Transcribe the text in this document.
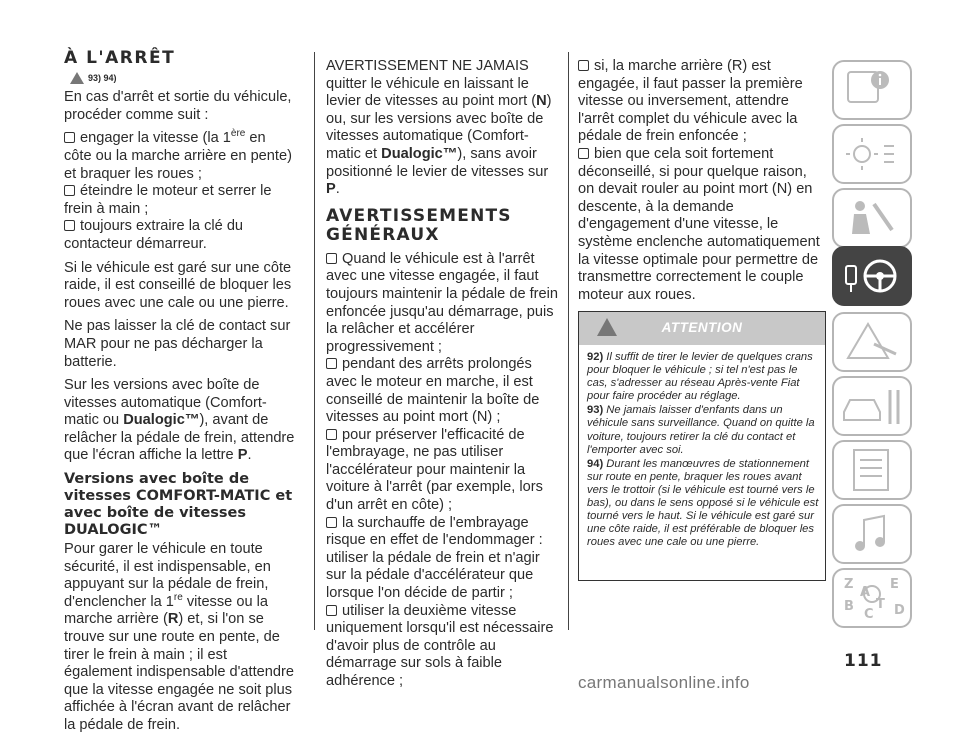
À L'ARRÊT
93) 94)

En cas d'arrêt et sortie du véhicule, procéder comme suit :

engager la vitesse (la 1ère en côte ou la marche arrière en pente) et braquer les roues ;
éteindre le moteur et serrer le frein à main ;
toujours extraire la clé du contacteur démarreur.

Si le véhicule est garé sur une côte raide, il est conseillé de bloquer les roues avec une cale ou une pierre.

Ne pas laisser la clé de contact sur MAR pour ne pas décharger la batterie.

Sur les versions avec boîte de vitesses automatique (Comfort-matic ou Dualogic™), avant de relâcher la pédale de frein, attendre que l'écran affiche la lettre P.

Versions avec boîte de vitesses COMFORT-MATIC et avec boîte de vitesses DUALOGIC™

Pour garer le véhicule en toute sécurité, il est indispensable, en appuyant sur la pédale de frein, d'enclencher la 1re vitesse ou la marche arrière (R) et, si l'on se trouve sur une route en pente, de tirer le frein à main ; il est également indispensable d'attendre que la vitesse engagée ne soit plus affichée à l'écran avant de relâcher la pédale de frein.

AVERTISSEMENT NE JAMAIS quitter le véhicule en laissant le levier de vitesses au point mort (N) ou, sur les versions avec boîte de vitesses automatique (Comfort-matic et Dualogic™), sans avoir positionné le levier de vitesses sur P.

AVERTISSEMENTS GÉNÉRAUX
Quand le véhicule est à l'arrêt avec une vitesse engagée, il faut toujours maintenir la pédale de frein enfoncée jusqu'au démarrage, puis la relâcher et accélérer progressivement ;
pendant des arrêts prolongés avec le moteur en marche, il est conseillé de maintenir la boîte de vitesses au point mort (N) ;
pour préserver l'efficacité de l'embrayage, ne pas utiliser l'accélérateur pour maintenir la voiture à l'arrêt (par exemple, lors d'un arrêt en côte) ;
la surchauffe de l'embrayage risque en effet de l'endommager : utiliser la pédale de frein et n'agir sur la pédale d'accélérateur que lorsque l'on décide de partir ;
utiliser la deuxième vitesse uniquement lorsqu'il est nécessaire d'avoir plus de contrôle au démarrage sur sols à faible adhérence ;
si, la marche arrière (R) est engagée, il faut passer la première vitesse ou inversement, attendre l'arrêt complet du véhicule avec la pédale de frein enfoncée ;
bien que cela soit fortement déconseillé, si pour quelque raison, on devait rouler au point mort (N) en descente, à la demande d'engagement d'une vitesse, le système enclenche automatiquement la vitesse optimale pour permettre de transmettre correctement le couple moteur aux roues.
ATTENTION

92) Il suffit de tirer le levier de quelques crans pour bloquer le véhicule ; si tel n'est pas le cas, s'adresser au réseau Après-vente Fiat pour faire procéder au réglage.

93) Ne jamais laisser d'enfants dans un véhicule sans surveillance. Quand on quitte la voiture, toujours retirer la clé du contact et l'emporter avec soi.

94) Durant les manœuvres de stationnement sur route en pente, braquer les roues avant vers le trottoir (si le véhicule est tourné vers le bas), ou dans le sens opposé si le véhicule est tourné vers le haut. Si le véhicule est garé sur une côte raide, il est préférable de bloquer les roues avec une cale ou une pierre.

Z	E
A
B
C
T D
111
carmanualsonline.info
